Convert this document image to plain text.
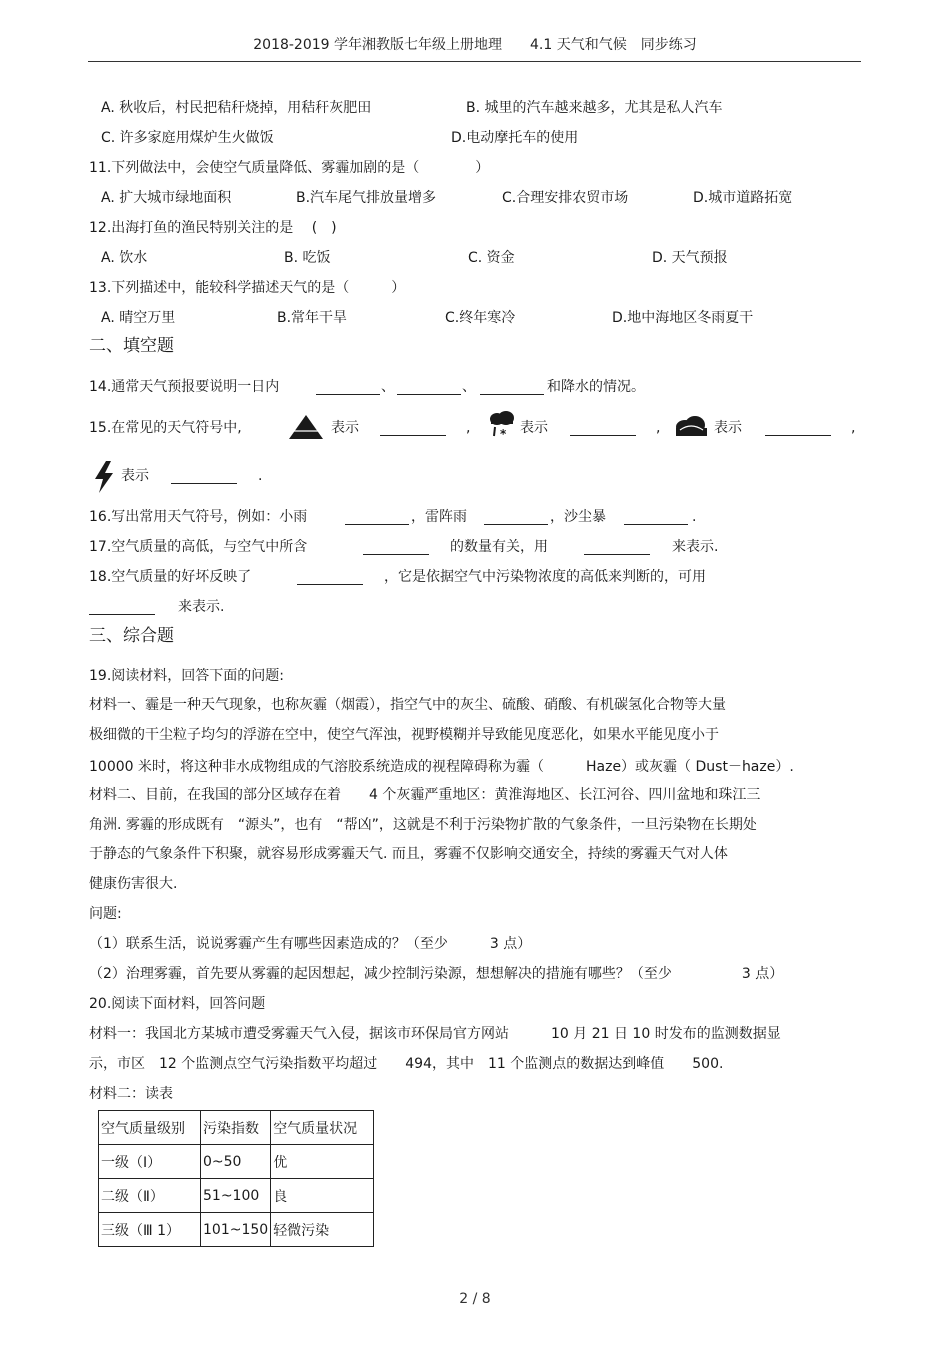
2018-2019 学年湘教版七年级上册地理　　4.1 天气和气候　同步练习
A. 秋收后，村民把秸秆烧掉，用秸秆灰肥田	B. 城里的汽车越来越多，尤其是私人汽车
C. 许多家庭用煤炉生火做饭	D.电动摩托车的使用
11.下列做法中，会使空气质量降低、雾霾加剧的是（　　　　）
A. 扩大城市绿地面积	B.汽车尾气排放量增多	C.合理安排农贸市场	D.城市道路拓宽
12.出海打鱼的渔民特别关注的是　 (　)
A. 饮水	B. 吃饭	C. 资金	D. 天气预报
13.下列描述中，能较科学描述天气的是（　　　）
A. 晴空万里	B.常年干旱	C.终年寒冷	D.地中海地区冬雨夏干
二、填空题
14.通常天气预报要说明一日内	、	、	和降水的情况。
15.在常见的天气符号中,	表示	, * 表示	,	表示	,
表示	.
16.写出常用天气符号，例如：小雨	，雷阵雨	，沙尘暴	.
17.空气质量的高低，与空气中所含	的数量有关，用	来表示.
18.空气质量的好坏反映了	，它是依据空气中污染物浓度的高低来判断的，可用
来表示.
三、综合题
19.阅读材料，回答下面的问题:
材料一、霾是一种天气现象，也称灰霾（烟霞），指空气中的灰尘、硫酸、硝酸、有机碳氢化合物等大量
极细微的干尘粒子均匀的浮游在空中，使空气浑浊，视野模糊并导致能见度恶化，如果水平能见度小于
10000 米时，将这种非水成物组成的气溶胶系统造成的视程障碍称为霾（　　　Haze）或灰霾（ Dust－haze）.
材料二、目前，在我国的部分区域存在着　　4 个灰霾严重地区：黄淮海地区、长江河谷、四川盆地和珠江三
角洲. 雾霾的形成既有　“源头”，也有　“帮凶”，这就是不利于污染物扩散的气象条件，一旦污染物在长期处
于静态的气象条件下积聚，就容易形成雾霾天气. 而且，雾霾不仅影响交通安全，持续的雾霾天气对人体
健康伤害很大.
问题:
（1）联系生活，说说雾霾产生有哪些因素造成的？（至少　　　3 点）
（2）治理雾霾，首先要从雾霾的起因想起，减少控制污染源，想想解决的措施有哪些？（至少　　　　　3 点）
20.阅读下面材料，回答问题
材料一：我国北方某城市遭受雾霾天气入侵，据该市环保局官方网站　　　10 月 21 日 10 时发布的监测数据显
示，市区　12 个监测点空气污染指数平均超过　　494，其中　11 个监测点的数据达到峰值　　500.
材料二：读表
空气质量级别	污染指数	空气质量状况
一级（Ⅰ）	0~50	优
二级（Ⅱ）	51~100	良
三级（Ⅲ 1）	101~150	轻微污染
2 / 8
